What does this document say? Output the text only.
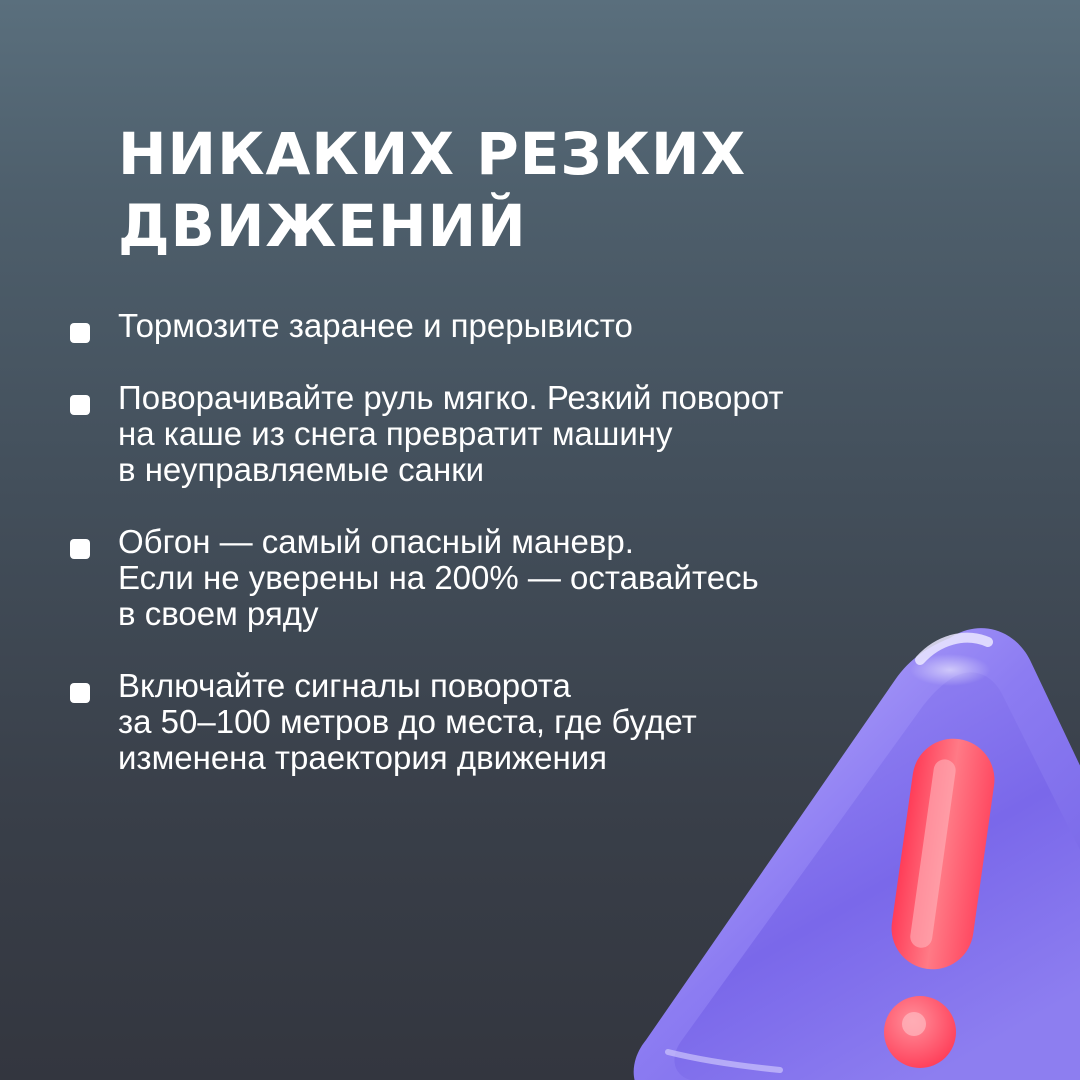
НИКАКИХ РЕЗКИХ
ДВИЖЕНИЙ
Тормозите заранее и прерывисто
Поворачивайте руль мягко. Резкий поворот
на каше из снега превратит машину
в неуправляемые санки
Обгон — самый опасный маневр.
Если не уверены на 200% — оставайтесь
в своем ряду
Включайте сигналы поворота
за 50–100 метров до места, где будет
изменена траектория движения
